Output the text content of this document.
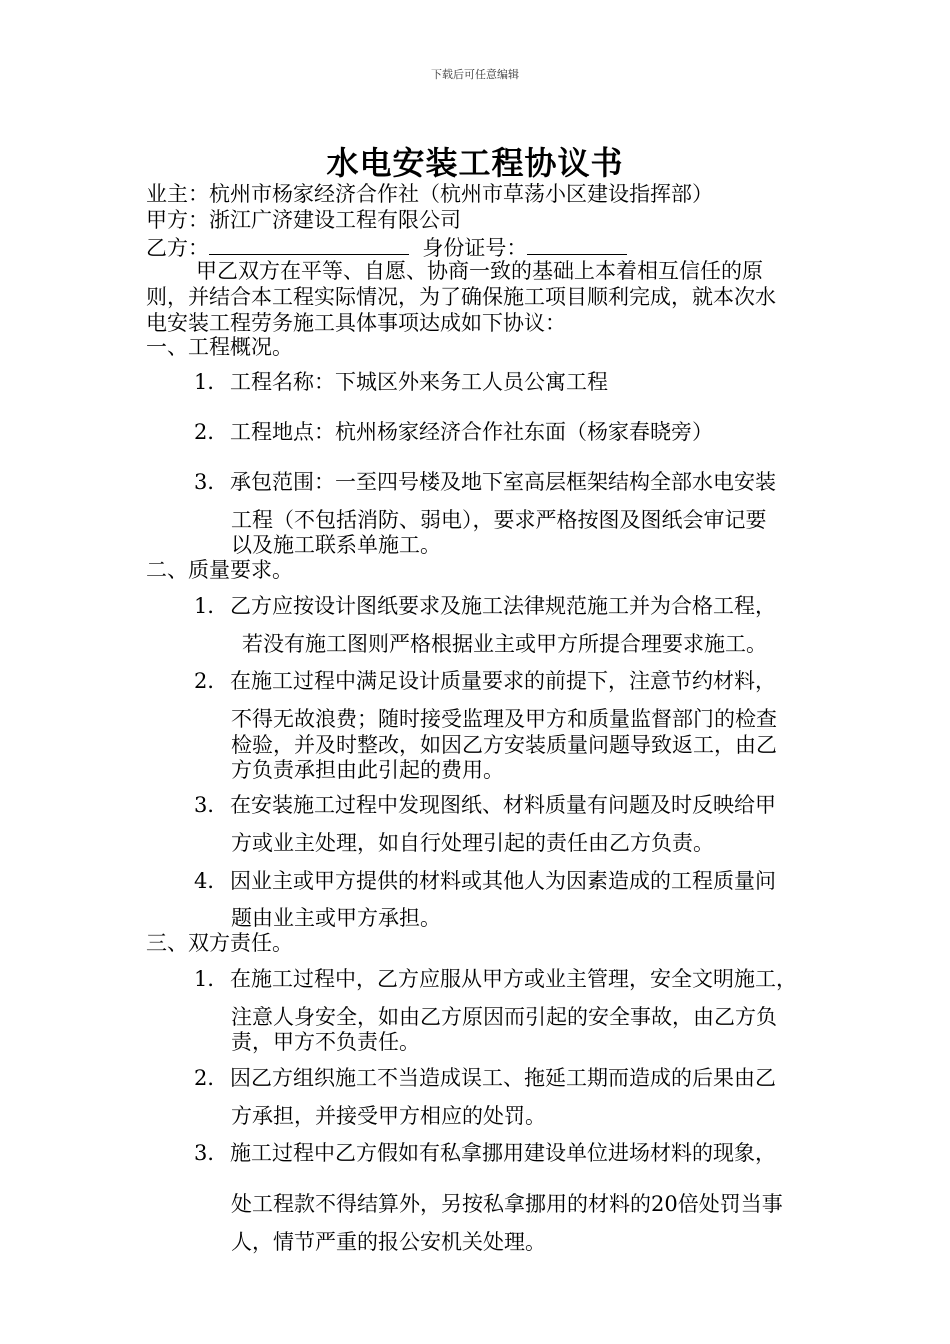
下载后可任意编辑
水电安装工程协议书
业主：杭州市杨家经济合作社（杭州市草荡小区建设指挥部）
甲方：浙江广济建设工程有限公司
乙方：	身份证号：
甲乙双方在平等、自愿、协商一致的基础上本着相互信任的原
则，并结合本工程实际情况，为了确保施工项目顺利完成，就本次水
电安装工程劳务施工具体事项达成如下协议：
一、工程概况。
1．工程名称：下城区外来务工人员公寓工程
2．工程地点：杭州杨家经济合作社东面（杨家春晓旁）
3．承包范围：一至四号楼及地下室高层框架结构全部水电安装
工程（不包括消防、弱电），要求严格按图及图纸会审记要
以及施工联系单施工。
二、质量要求。
1．乙方应按设计图纸要求及施工法律规范施工并为合格工程，
若没有施工图则严格根据业主或甲方所提合理要求施工。
2．在施工过程中满足设计质量要求的前提下，注意节约材料，
不得无故浪费；随时接受监理及甲方和质量监督部门的检查
检验，并及时整改，如因乙方安装质量问题导致返工，由乙
方负责承担由此引起的费用。
3．在安装施工过程中发现图纸、材料质量有问题及时反映给甲
方或业主处理，如自行处理引起的责任由乙方负责。
4．因业主或甲方提供的材料或其他人为因素造成的工程质量问
题由业主或甲方承担。
三、双方责任。
1．在施工过程中，乙方应服从甲方或业主管理，安全文明施工，
注意人身安全，如由乙方原因而引起的安全事故，由乙方负
责，甲方不负责任。
2．因乙方组织施工不当造成误工、拖延工期而造成的后果由乙
方承担，并接受甲方相应的处罚。
3．施工过程中乙方假如有私拿挪用建设单位进场材料的现象，
处工程款不得结算外，另按私拿挪用的材料的20倍处罚当事
人，情节严重的报公安机关处理。
